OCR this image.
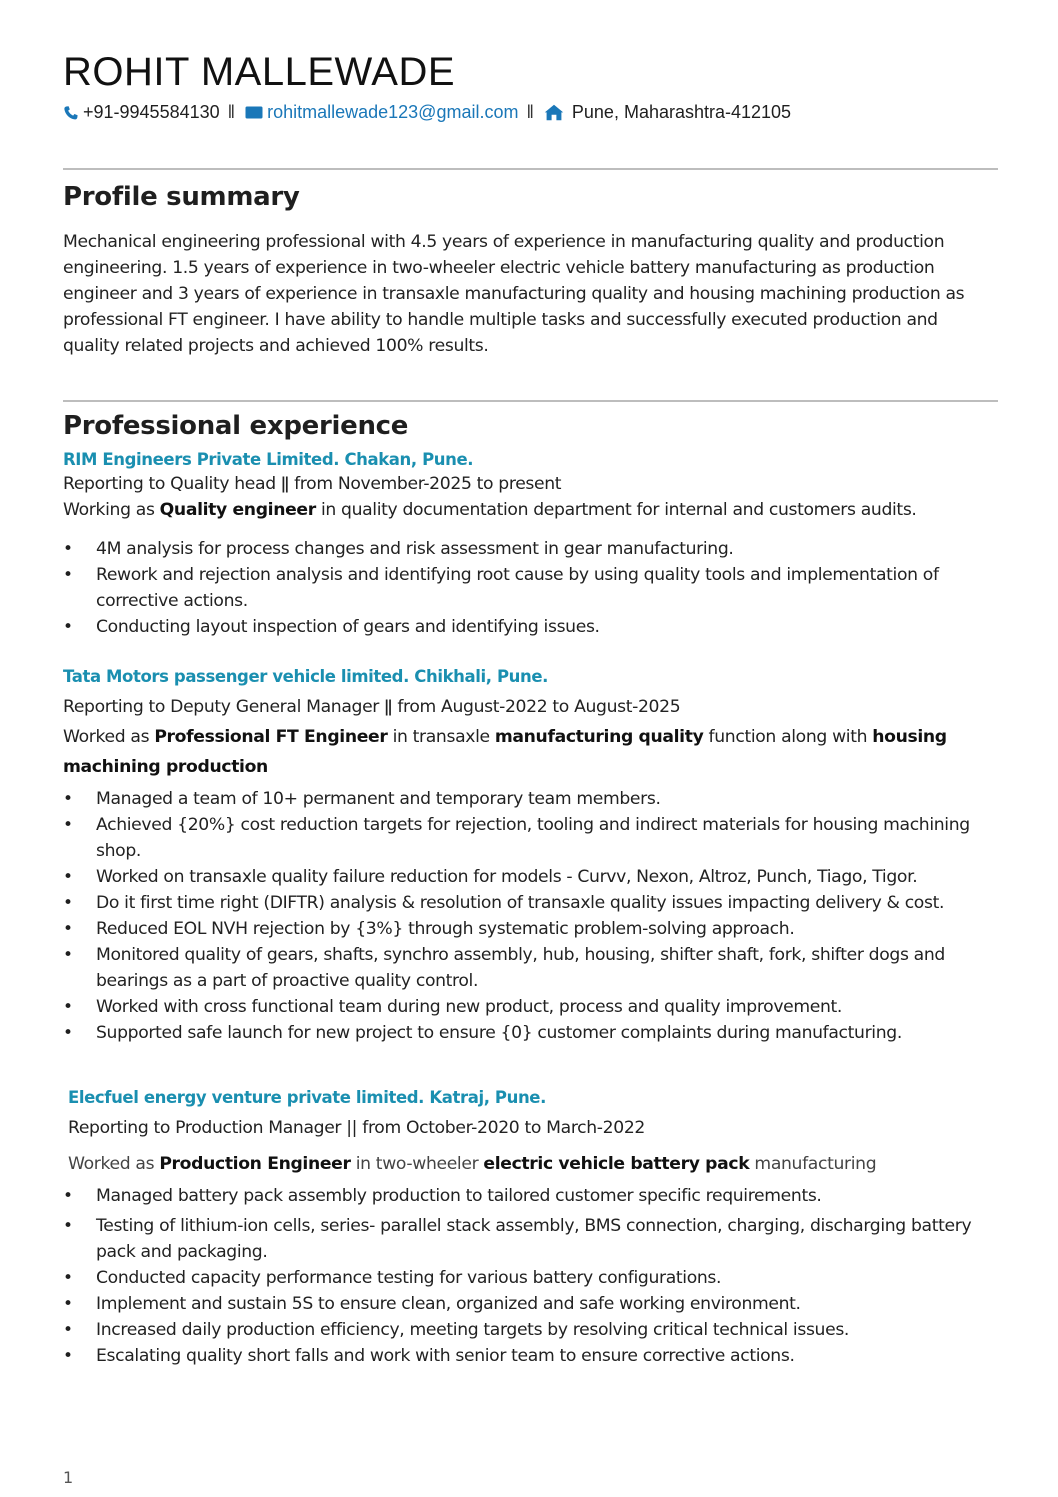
ROHIT MALLEWADE
+91-9945584130 ǁ rohitmallewade123@gmail.com ǁ Pune, Maharashtra-412105
Profile summary
Mechanical engineering professional with 4.5 years of experience in manufacturing quality and production engineering. 1.5 years of experience in two-wheeler electric vehicle battery manufacturing as production engineer and 3 years of experience in transaxle manufacturing quality and housing machining production as professional FT engineer. I have ability to handle multiple tasks and successfully executed production and quality related projects and achieved 100% results.
Professional experience
RIM Engineers Private Limited. Chakan, Pune.
Reporting to Quality head ǁ from November-2025 to present
Working as Quality engineer in quality documentation department for internal and customers audits.
• 4M analysis for process changes and risk assessment in gear manufacturing.
• Rework and rejection analysis and identifying root cause by using quality tools and implementation of corrective actions.
• Conducting layout inspection of gears and identifying issues.
Tata Motors passenger vehicle limited. Chikhali, Pune.
Reporting to Deputy General Manager ǁ from August-2022 to August-2025
Worked as Professional FT Engineer in transaxle manufacturing quality function along with housing
machining production
• Managed a team of 10+ permanent and temporary team members.
• Achieved {20%} cost reduction targets for rejection, tooling and indirect materials for housing machining shop.
• Worked on transaxle quality failure reduction for models - Curvv, Nexon, Altroz, Punch, Tiago, Tigor.
• Do it first time right (DIFTR) analysis & resolution of transaxle quality issues impacting delivery & cost.
• Reduced EOL NVH rejection by {3%} through systematic problem-solving approach.
• Monitored quality of gears, shafts, synchro assembly, hub, housing, shifter shaft, fork, shifter dogs and bearings as a part of proactive quality control.
• Worked with cross functional team during new product, process and quality improvement.
• Supported safe launch for new project to ensure {0} customer complaints during manufacturing.
Elecfuel energy venture private limited. Katraj, Pune.
Reporting to Production Manager || from October-2020 to March-2022
Worked as Production Engineer in two-wheeler electric vehicle battery pack manufacturing
• Managed battery pack assembly production to tailored customer specific requirements.
• Testing of lithium-ion cells, series- parallel stack assembly, BMS connection, charging, discharging battery pack and packaging.
• Conducted capacity performance testing for various battery configurations.
• Implement and sustain 5S to ensure clean, organized and safe working environment.
• Increased daily production efficiency, meeting targets by resolving critical technical issues.
• Escalating quality short falls and work with senior team to ensure corrective actions.
1
